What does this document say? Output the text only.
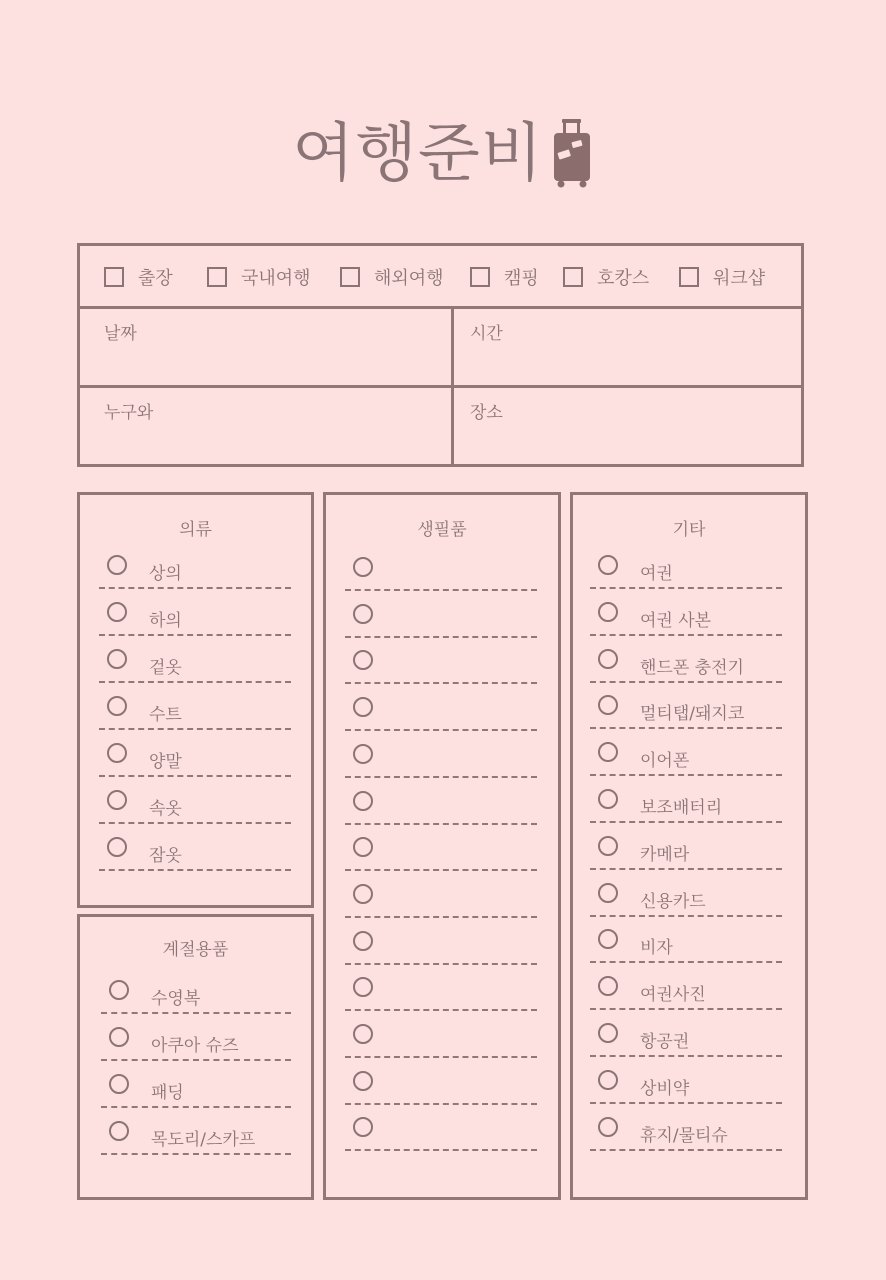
여행준비
출장	국내여행	해외여행	캠핑	호캉스	워크샵
날짜	시간
누구와	장소
의류
상의
하의
겉옷
수트
양말
속옷
잠옷
계절용품
수영복
아쿠아 슈즈
패딩
목도리/스카프
생필품	기타
여권
여권 사본
핸드폰 충전기
멀티탭/돼지코
이어폰
보조배터리
카메라
신용카드
비자
여권사진
항공권
상비약
휴지/물티슈
